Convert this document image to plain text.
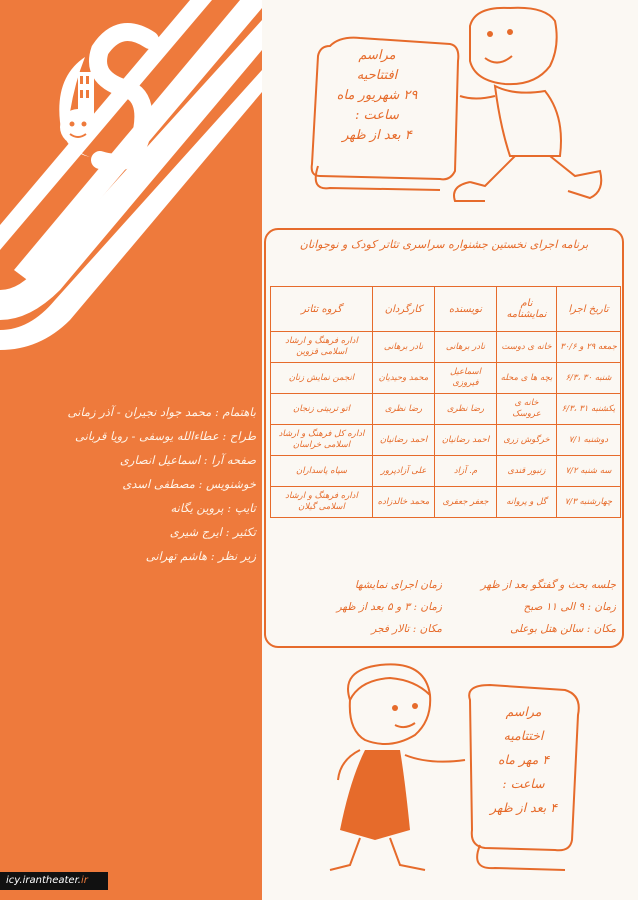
باهتمام : محمد جواد نجیران - آذر زمانی
طراح : عطاءالله یوسفی - رویا قربانی
صفحه آرا : اسماعیل انصاری
خوشنویس : مصطفی اسدی
تایپ : پروین یگانه
تکثیر : ایرج شیری
زیر نظر : هاشم تهرانی
مراسم
افتتاحیه
۲۹ شهریور ماه
ساعت :
۴ بعد از ظهر
برنامه اجرای نخستین جشنواره سراسری تئاتر کودک و نوجوانان
تاریخ اجرا	نام نمایشنامه	نویسنده	کارگردان	گروه تئاتر
جمعه ۲۹ و ۳۰/۶	خانه ی دوست	نادر برهانی	نادر برهانی	اداره فرهنگ و ارشاد اسلامی قزوین
شنبه ۳۰ ،۶/۳	بچه ها ی محله	اسماعیل فیروزی	محمد وحیدیان	انجمن نمایش زنان
یکشنبه ۳۱ ،۶/۳	خانه ی عروسک	رضا نظری	رضا نظری	اتو تربیتی زنجان
دوشنبه ۷/۱	خرگوش زری	احمد رضانیان	احمد رضانیان	اداره کل فرهنگ و ارشاد اسلامی خراسان
سه شنبه ۷/۲	زنبور قندی	م. آزاد	علی آزادپرور	سپاه پاسداران
چهارشنبه ۷/۳	گل و پروانه	جعفر جعفری	محمد خالدزاده	اداره فرهنگ و ارشاد اسلامی گیلان
جلسه بحث و گفتگو بعد از ظهر
زمان : ۹ الی ۱۱ صبح
مکان : سالن هتل بوعلی
زمان اجرای نمایشها
زمان : ۳ و ۵ بعد از ظهر
مکان : تالار فجر
مراسم
اختتامیه
۴ مهر ماه
ساعت :
۴ بعد از ظهر
icy.irantheater.ir
